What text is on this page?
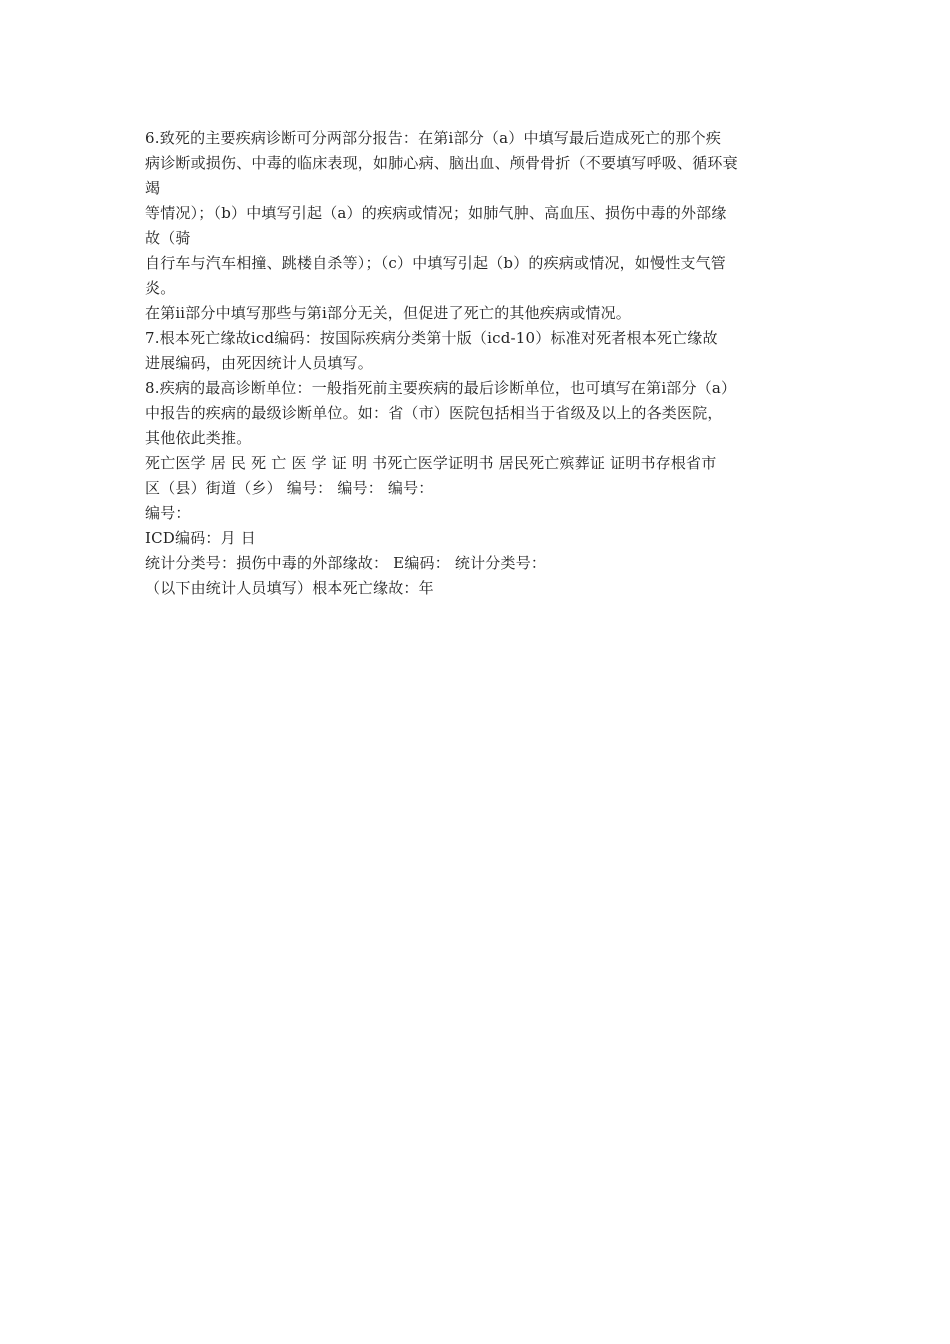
6.致死的主要疾病诊断可分两部分报告：在第ⅰ部分（a）中填写最后造成死亡的那个疾
病诊断或损伤、中毒的临床表现，如肺心病、脑出血、颅骨骨折（不要填写呼吸、循环衰
竭
等情况）；（b）中填写引起（a）的疾病或情况；如肺气肿、高血压、损伤中毒的外部缘
故（骑
自行车与汽车相撞、跳楼自杀等）；（c）中填写引起（b）的疾病或情况，如慢性支气管
炎。
在第ⅱ部分中填写那些与第ⅰ部分无关，但促进了死亡的其他疾病或情况。
7.根本死亡缘故icd编码：按国际疾病分类第十版（icd-10）标准对死者根本死亡缘故
进展编码，由死因统计人员填写。
8.疾病的最高诊断单位：一般指死前主要疾病的最后诊断单位，也可填写在第ⅰ部分（a）
中报告的疾病的最级诊断单位。如：省（市）医院包括相当于省级及以上的各类医院，
其他依此类推。
死亡医学 居 民 死 亡 医 学 证 明 书死亡医学证明书 居民死亡殡葬证 证明书存根省市
区（县）街道（乡） 编号： 编号： 编号：
编号：
ICD编码：月 日
统计分类号：损伤中毒的外部缘故： E编码： 统计分类号：
（以下由统计人员填写）根本死亡缘故：年
